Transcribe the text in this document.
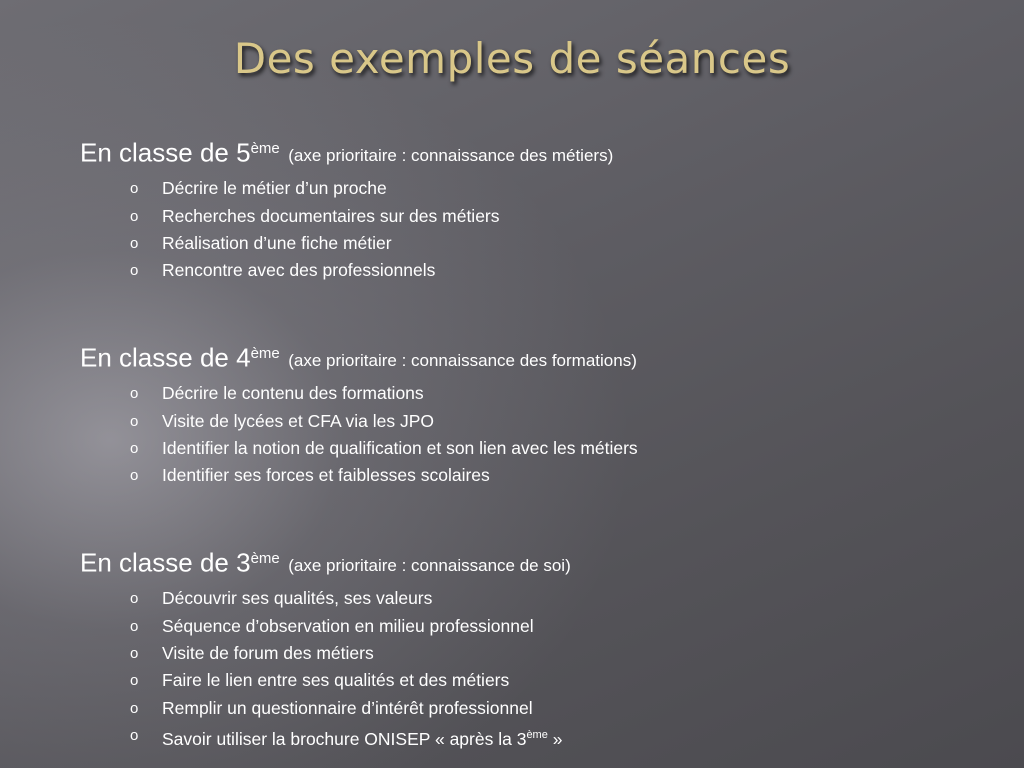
Des exemples de séances
En classe de 5ème (axe prioritaire : connaissance des métiers)
o Décrire le métier d’un proche
o Recherches documentaires sur des métiers
o Réalisation d’une fiche métier
o Rencontre avec des professionnels
En classe de 4ème (axe prioritaire : connaissance des formations)
o Décrire le contenu des formations
o Visite de lycées et CFA via les JPO
o Identifier la notion de qualification et son lien avec les métiers
o Identifier ses forces et faiblesses scolaires
En classe de 3ème (axe prioritaire : connaissance de soi)
o Découvrir ses qualités, ses valeurs
o Séquence d’observation en milieu professionnel
o Visite de forum des métiers
o Faire le lien entre ses qualités et des métiers
o Remplir un questionnaire d’intérêt professionnel
o Savoir utiliser la brochure ONISEP « après la 3ème »
